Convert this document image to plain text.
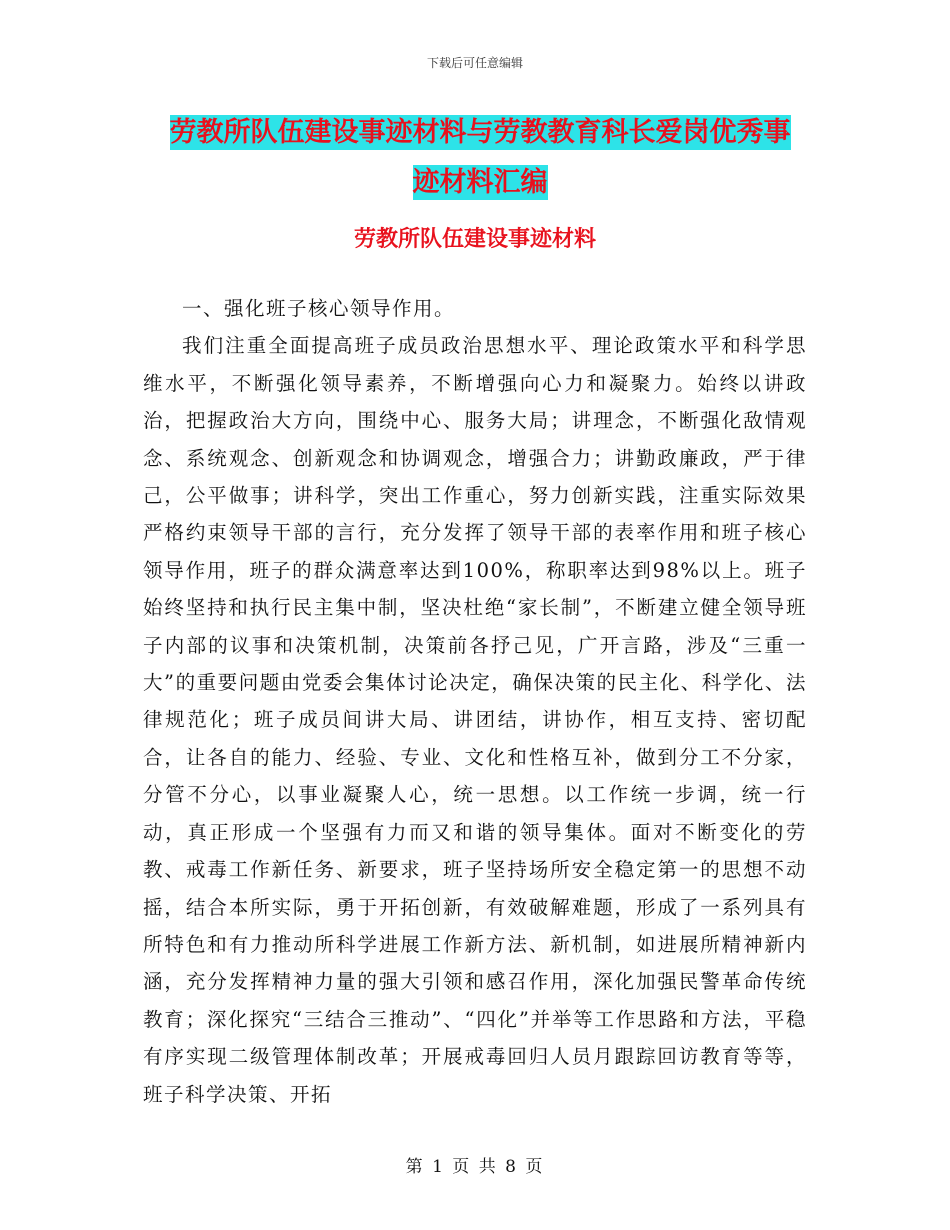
下载后可任意编辑
劳教所队伍建设事迹材料与劳教教育科长爱岗优秀事
迹材料汇编
劳教所队伍建设事迹材料

一、强化班子核心领导作用。

我们注重全面提高班子成员政治思想水平、理论政策水平和科学思维水平，不断强化领导素养，不断增强向心力和凝聚力。始终以讲政治，把握政治大方向，围绕中心、服务大局；讲理念，不断强化敌情观念、系统观念、创新观念和协调观念，增强合力；讲勤政廉政，严于律己，公平做事；讲科学，突出工作重心，努力创新实践，注重实际效果严格约束领导干部的言行，充分发挥了领导干部的表率作用和班子核心领导作用，班子的群众满意率达到100%，称职率达到98%以上。班子始终坚持和执行民主集中制，坚决杜绝“家长制”，不断建立健全领导班子内部的议事和决策机制，决策前各抒己见，广开言路，涉及“三重一大”的重要问题由党委会集体讨论决定，确保决策的民主化、科学化、法律规范化；班子成员间讲大局、讲团结，讲协作，相互支持、密切配合，让各自的能力、经验、专业、文化和性格互补，做到分工不分家，分管不分心，以事业凝聚人心，统一思想。以工作统一步调，统一行动，真正形成一个坚强有力而又和谐的领导集体。面对不断变化的劳教、戒毒工作新任务、新要求，班子坚持场所安全稳定第一的思想不动摇，结合本所实际，勇于开拓创新，有效破解难题，形成了一系列具有所特色和有力推动所科学进展工作新方法、新机制，如进展所精神新内涵，充分发挥精神力量的强大引领和感召作用，深化加强民警革命传统教育；深化探究“三结合三推动”、“四化”并举等工作思路和方法，平稳有序实现二级管理体制改革；开展戒毒回归人员月跟踪回访教育等等，班子科学决策、开拓

第 1 页 共 8 页
